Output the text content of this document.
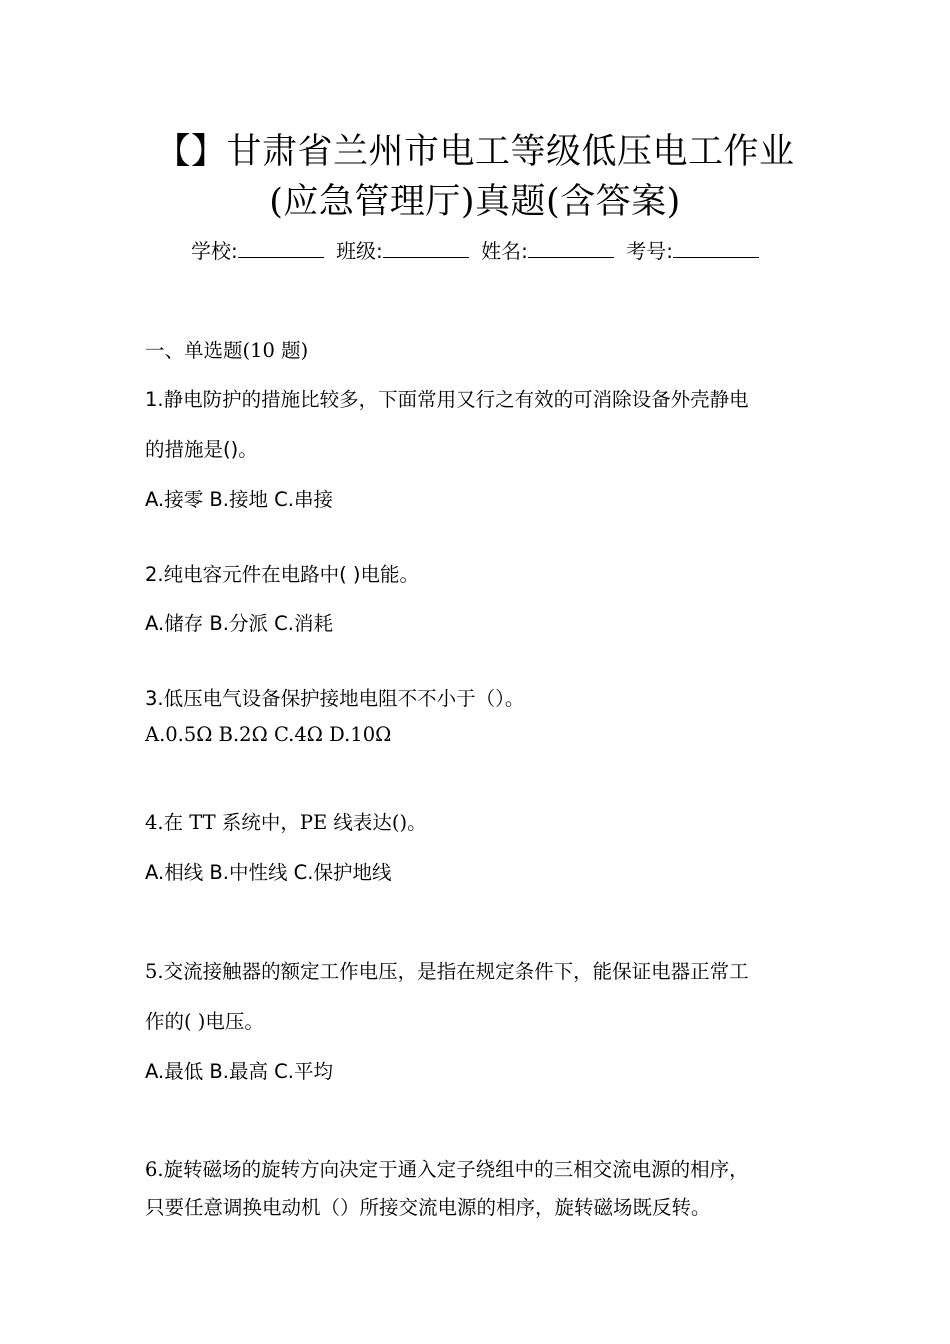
【】甘肃省兰州市电工等级低压电工作业
(应急管理厅)真题(含答案)
学校:	班级:	姓名:	考号:
一、单选题(10 题)
1.静电防护的措施比较多，下面常用又行之有效的可消除设备外壳静电
的措施是()。
A.接零 B.接地 C.串接
2.纯电容元件在电路中( )电能。
A.储存 B.分派 C.消耗
3.低压电气设备保护接地电阻不不小于（）。
A.0.5Ω B.2Ω C.4Ω D.10Ω
4.在 TT 系统中，PE 线表达()。
A.相线 B.中性线 C.保护地线
5.交流接触器的额定工作电压，是指在规定条件下，能保证电器正常工
作的( )电压。
A.最低 B.最高 C.平均
6.旋转磁场的旋转方向决定于通入定子绕组中的三相交流电源的相序，
只要任意调换电动机（）所接交流电源的相序，旋转磁场既反转。
